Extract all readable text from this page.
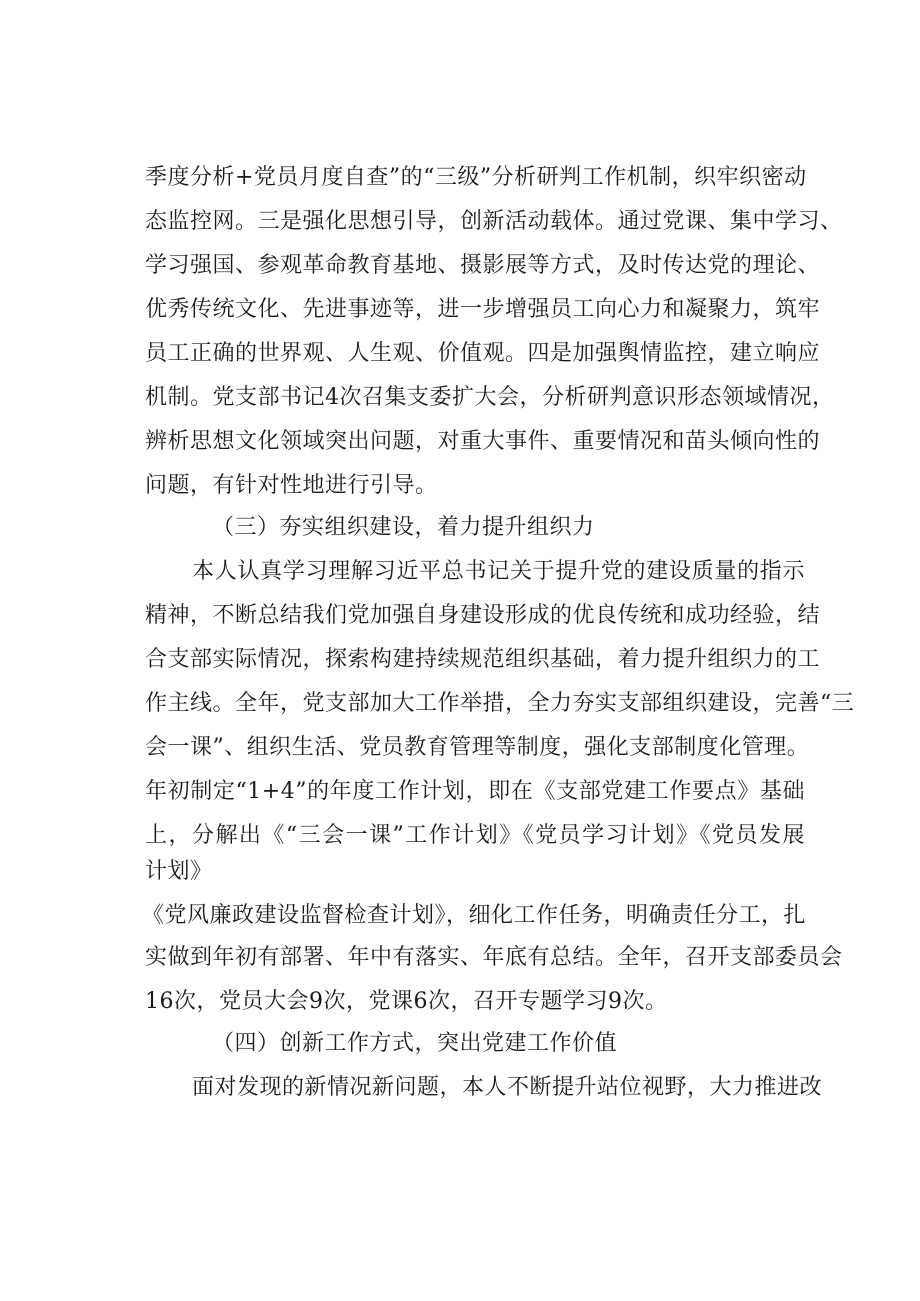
季度分析+党员月度自查”的“三级”分析研判工作机制，织牢织密动
态监控网。三是强化思想引导，创新活动载体。通过党课、集中学习、
学习强国、参观革命教育基地、摄影展等方式，及时传达党的理论、
优秀传统文化、先进事迹等，进一步增强员工向心力和凝聚力，筑牢
员工正确的世界观、人生观、价值观。四是加强舆情监控，建立响应
机制。党支部书记4次召集支委扩大会，分析研判意识形态领域情况，
辨析思想文化领域突出问题，对重大事件、重要情况和苗头倾向性的
问题，有针对性地进行引导。
（三）夯实组织建设，着力提升组织力
本人认真学习理解习近平总书记关于提升党的建设质量的指示
精神，不断总结我们党加强自身建设形成的优良传统和成功经验，结
合支部实际情况，探索构建持续规范组织基础，着力提升组织力的工
作主线。全年，党支部加大工作举措，全力夯实支部组织建设，完善“三
会一课”、组织生活、党员教育管理等制度，强化支部制度化管理。
年初制定“1+4”的年度工作计划，即在《支部党建工作要点》基础
上，分解出《“三会一课”工作计划》《党员学习计划》《党员发展
计划》
《党风廉政建设监督检查计划》，细化工作任务，明确责任分工，扎
实做到年初有部署、年中有落实、年底有总结。全年，召开支部委员会
16次，党员大会9次，党课6次，召开专题学习9次。
（四）创新工作方式，突出党建工作价值
面对发现的新情况新问题，本人不断提升站位视野，大力推进改
